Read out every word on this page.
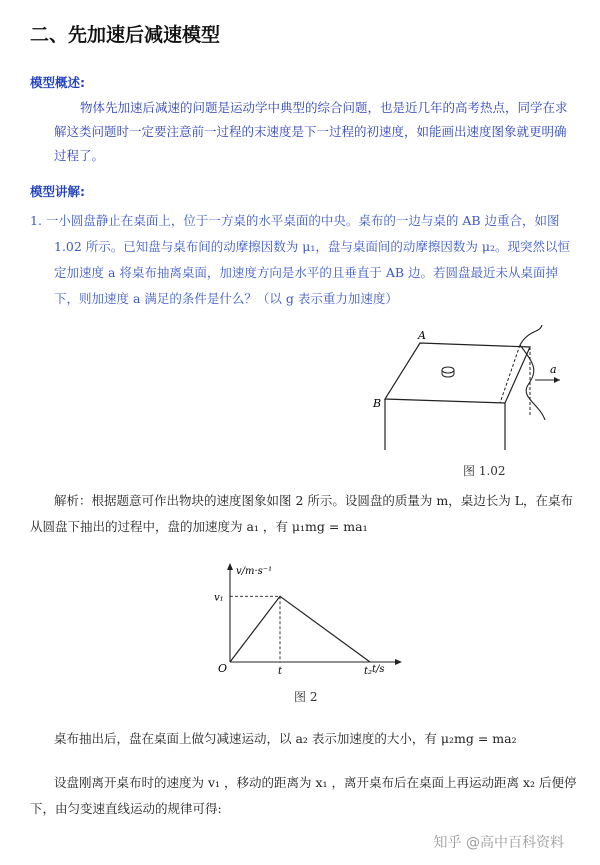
二、先加速后减速模型
模型概述:
物体先加速后减速的问题是运动学中典型的综合问题，也是近几年的高考热点，同学在求
解这类问题时一定要注意前一过程的末速度是下一过程的初速度，如能画出速度图象就更明确
过程了。
模型讲解:
1. 一小圆盘静止在桌面上，位于一方桌的水平桌面的中央。桌布的一边与桌的 AB 边重合，如图
1.02 所示。已知盘与桌布间的动摩擦因数为 μ₁，盘与桌面间的动摩擦因数为 μ₂。现突然以恒
定加速度 a 将桌布抽离桌面，加速度方向是水平的且垂直于 AB 边。若圆盘最近未从桌面掉
下，则加速度 a 满足的条件是什么？（以 g 表示重力加速度）
A
B
a
图 1.02
解析：根据题意可作出物块的速度图象如图 2 所示。设圆盘的质量为 m，桌边长为 L，在桌布
从圆盘下抽出的过程中，盘的加速度为 a₁ ，有 μ₁mg = ma₁
v/m·s⁻¹
t/s
O
v₁
t	t₂
图 2
桌布抽出后，盘在桌面上做匀减速运动，以 a₂ 表示加速度的大小，有 μ₂mg = ma₂
设盘刚离开桌布时的速度为 v₁ ，移动的距离为 x₁ ，离开桌布后在桌面上再运动距离 x₂ 后便停
下，由匀变速直线运动的规律可得:
知乎 @高中百科资料
